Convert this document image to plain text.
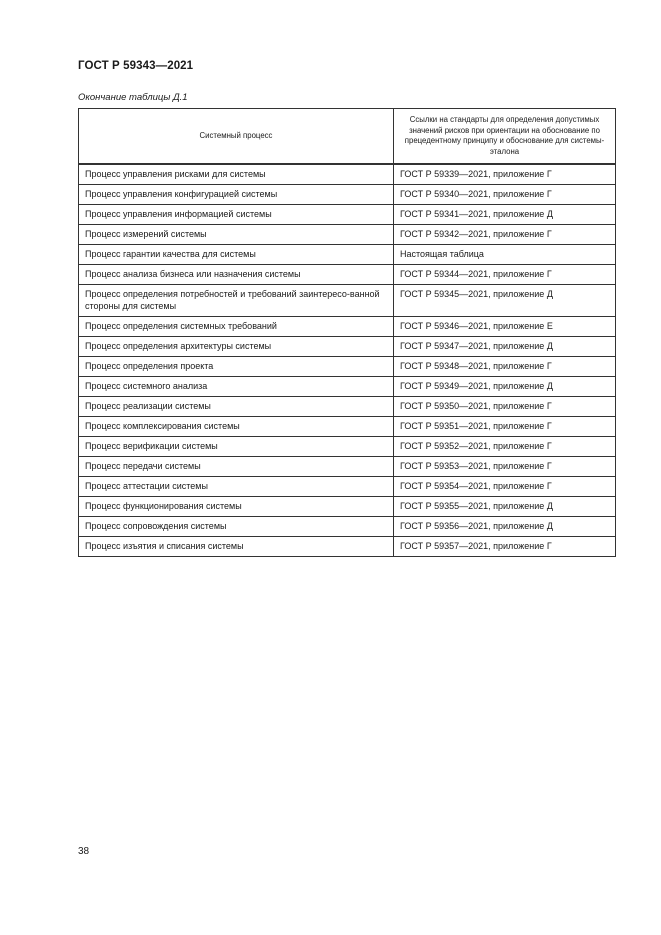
ГОСТ Р 59343—2021
Окончание таблицы Д.1
Системный процесс	Ссылки на стандарты для определения допустимых значений рисков при ориентации на обоснование по прецедентному принципу и обоснование для системы-эталона
Процесс управления рисками для системы	ГОСТ Р 59339—2021, приложение Г
Процесс управления конфигурацией системы	ГОСТ Р 59340—2021, приложение Г
Процесс управления информацией системы	ГОСТ Р 59341—2021, приложение Д
Процесс измерений системы	ГОСТ Р 59342—2021, приложение Г
Процесс гарантии качества для системы	Настоящая таблица
Процесс анализа бизнеса или назначения системы	ГОСТ Р 59344—2021, приложение Г
Процесс определения потребностей и требований заинтересо-ванной стороны для системы	ГОСТ Р 59345—2021, приложение Д
Процесс определения системных требований	ГОСТ Р 59346—2021, приложение Е
Процесс определения архитектуры системы	ГОСТ Р 59347—2021, приложение Д
Процесс определения проекта	ГОСТ Р 59348—2021, приложение Г
Процесс системного анализа	ГОСТ Р 59349—2021, приложение Д
Процесс реализации системы	ГОСТ Р 59350—2021, приложение Г
Процесс комплексирования системы	ГОСТ Р 59351—2021, приложение Г
Процесс верификации системы	ГОСТ Р 59352—2021, приложение Г
Процесс передачи системы	ГОСТ Р 59353—2021, приложение Г
Процесс аттестации системы	ГОСТ Р 59354—2021, приложение Г
Процесс функционирования системы	ГОСТ Р 59355—2021, приложение Д
Процесс сопровождения системы	ГОСТ Р 59356—2021, приложение Д
Процесс изъятия и списания системы	ГОСТ Р 59357—2021, приложение Г
38
